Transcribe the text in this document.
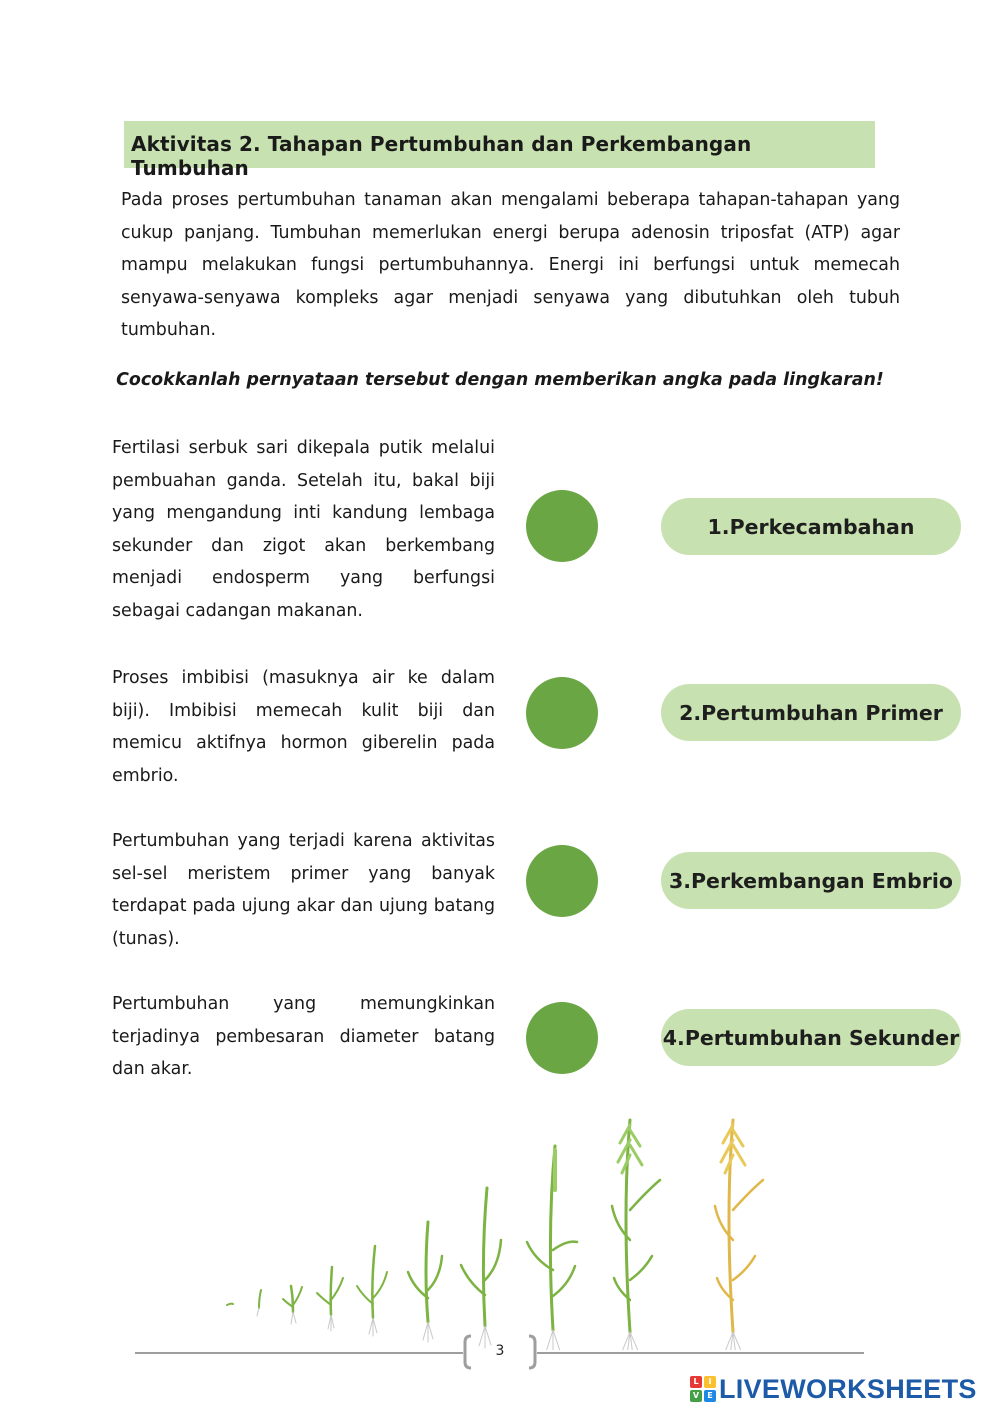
Aktivitas 2. Tahapan Pertumbuhan dan Perkembangan Tumbuhan
Pada proses pertumbuhan tanaman akan mengalami beberapa tahapan-tahapan yang cukup panjang. Tumbuhan memerlukan energi berupa adenosin triposfat (ATP) agar mampu melakukan fungsi pertumbuhannya. Energi ini berfungsi untuk memecah senyawa-senyawa kompleks agar menjadi senyawa yang dibutuhkan oleh tubuh tumbuhan.
Cocokkanlah pernyataan tersebut dengan memberikan angka pada lingkaran!
Fertilasi serbuk sari dikepala putik melalui pembuahan ganda. Setelah itu, bakal biji yang mengandung inti kandung lembaga sekunder dan zigot akan berkembang menjadi endosperm yang berfungsi sebagai cadangan makanan.
Proses imbibisi (masuknya air ke dalam biji). Imbibisi memecah kulit biji dan memicu aktifnya hormon giberelin pada embrio.
Pertumbuhan yang terjadi karena aktivitas sel-sel meristem primer yang banyak terdapat pada ujung akar dan ujung batang (tunas).
Pertumbuhan yang memungkinkan terjadinya pembesaran diameter batang dan akar.
1.Perkecambahan
2.Pertumbuhan Primer
3.Perkembangan Embrio
4.Pertumbuhan Sekunder
3
L	I
V	E LIVEWORKSHEETS
